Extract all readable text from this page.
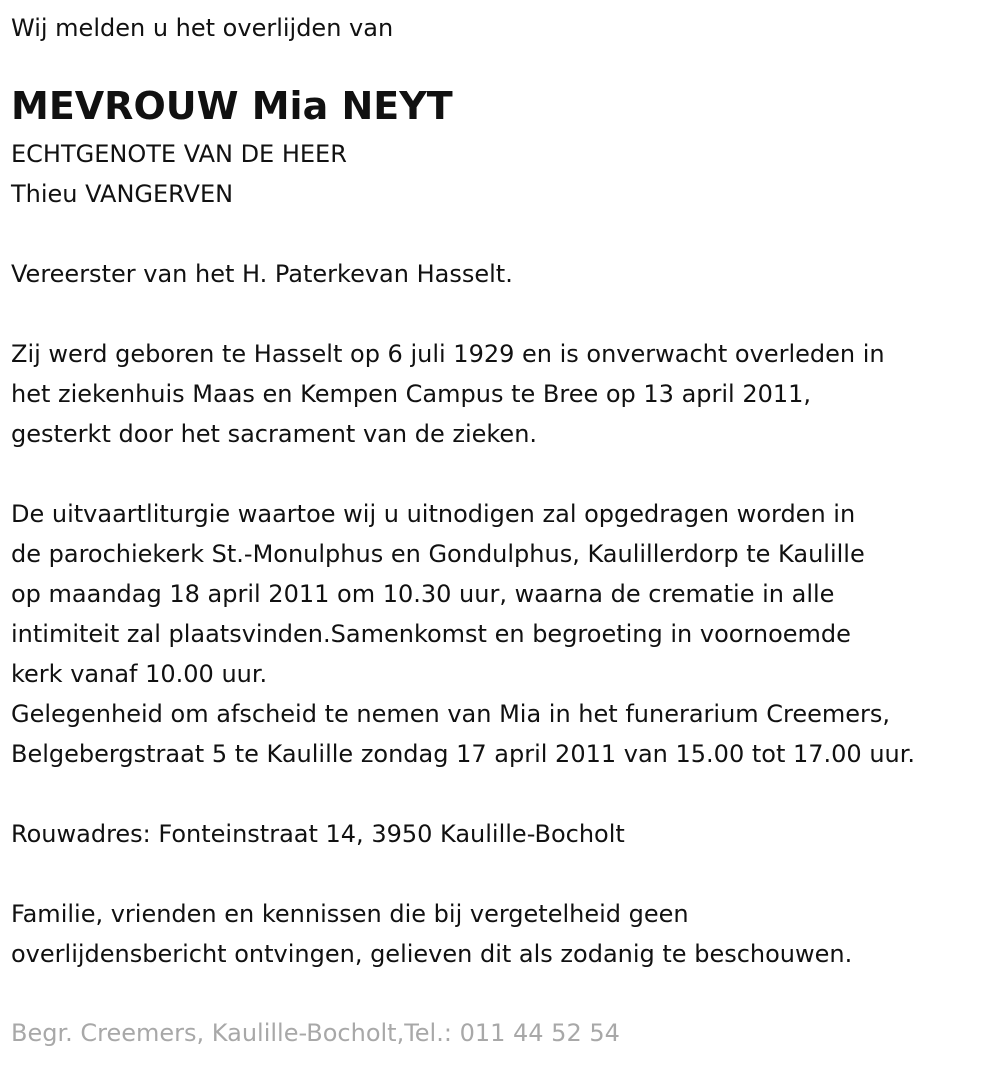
Wij melden u het overlijden van
MEVROUW Mia NEYT
ECHTGENOTE VAN DE HEER
Thieu VANGERVEN
Vereerster van het H. Paterkevan Hasselt.
Zij werd geboren te Hasselt op 6 juli 1929 en is onverwacht overleden in
het ziekenhuis Maas en Kempen Campus te Bree op 13 april 2011,
gesterkt door het sacrament van de zieken.
De uitvaartliturgie waartoe wij u uitnodigen zal opgedragen worden in
de parochiekerk St.-Monulphus en Gondulphus, Kaulillerdorp te Kaulille
op maandag 18 april 2011 om 10.30 uur, waarna de crematie in alle
intimiteit zal plaatsvinden.Samenkomst en begroeting in voornoemde
kerk vanaf 10.00 uur.
Gelegenheid om afscheid te nemen van Mia in het funerarium Creemers,
Belgebergstraat 5 te Kaulille zondag 17 april 2011 van 15.00 tot 17.00 uur.
Rouwadres: Fonteinstraat 14, 3950 Kaulille-Bocholt
Familie, vrienden en kennissen die bij vergetelheid geen
overlijdensbericht ontvingen, gelieven dit als zodanig te beschouwen.
Begr. Creemers, Kaulille-Bocholt,Tel.: 011 44 52 54
